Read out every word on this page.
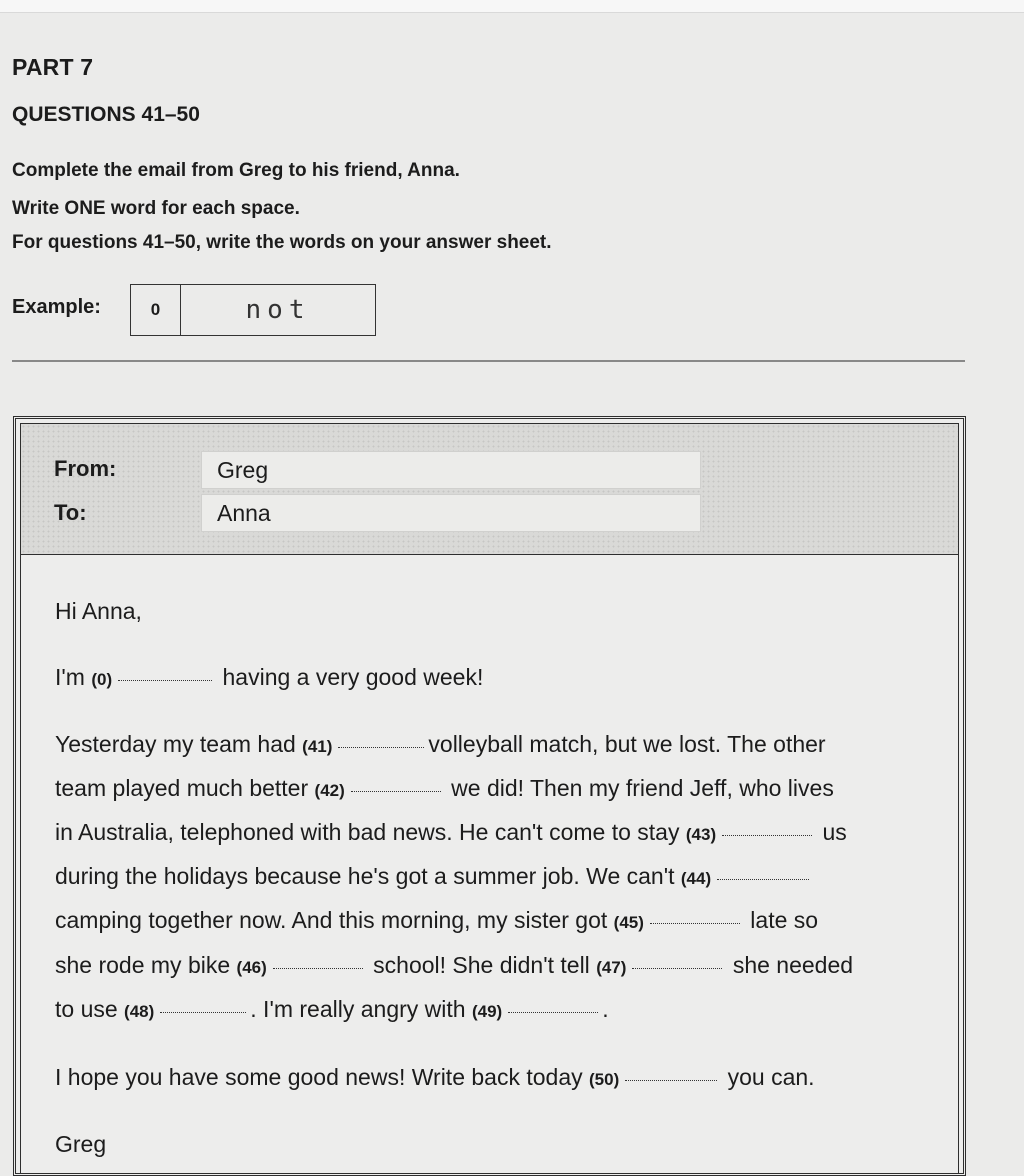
PART 7
QUESTIONS 41–50
Complete the email from Greg to his friend, Anna.
Write ONE word for each space.
For questions 41–50, write the words on your answer sheet.
Example:	0	not
From:	Greg
To:	Anna
Hi Anna,
I'm (0)	having a very good week!
Yesterday my team had (41)	volleyball match, but we lost. The other
team played much better (42)	we did! Then my friend Jeff, who lives
in Australia, telephoned with bad news. He can't come to stay (43)	us
during the holidays because he's got a summer job. We can't (44)
camping together now. And this morning, my sister got (45)	late so
she rode my bike (46)	school! She didn't tell (47)	she needed
to use (48)	. I'm really angry with (49)	.
I hope you have some good news! Write back today (50)	you can.
Greg
